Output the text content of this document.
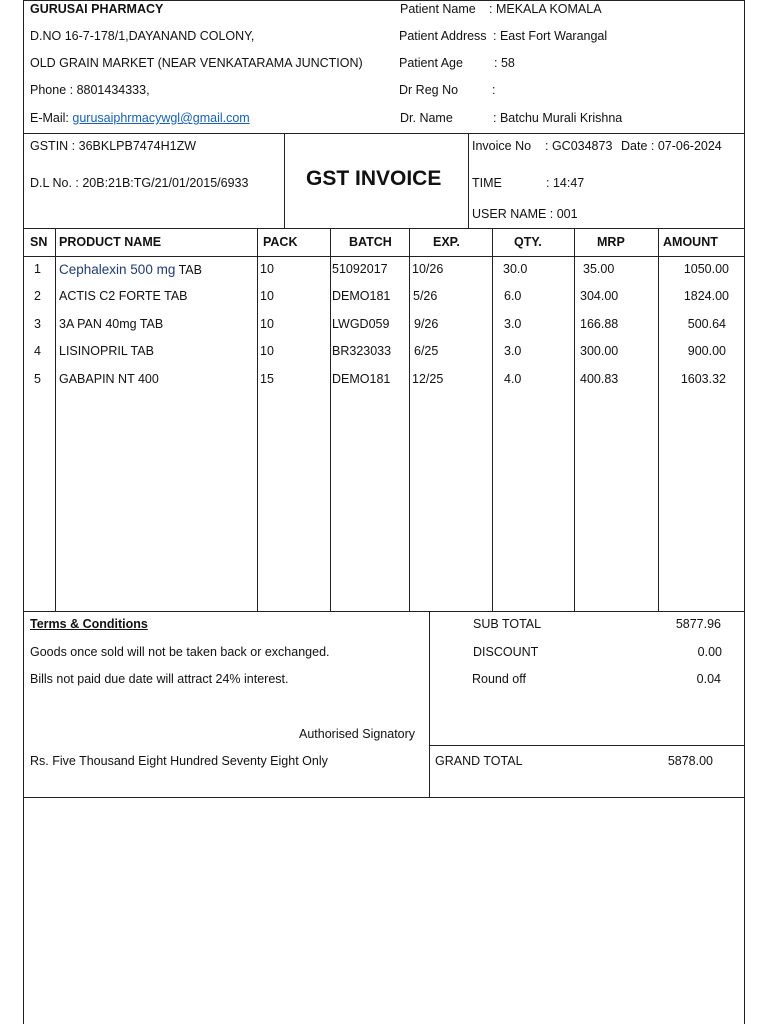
GURUSAI PHARMACY
D.NO 16-7-178/1,DAYANAND COLONY,
OLD GRAIN MARKET (NEAR VENKATARAMA JUNCTION)
Phone : 8801434333,
E-Mail: gurusaiphrmacywgl@gmail.com
Patient Name : MEKALA KOMALA
Patient Address : East Fort Warangal
Patient Age : 58
Dr Reg No	:
Dr. Name	: Batchu Murali Krishna
GSTIN : 36BKLPB7474H1ZW
D.L No. : 20B:21B:TG/21/01/2015/6933	GST INVOICE
Invoice No : GC034873 Date : 07-06-2024
TIME	: 14:47
USER NAME : 001
SN PRODUCT NAME	PACK	BATCH	EXP.	QTY.	MRP	AMOUNT
1 Cephalexin 500 mg TAB	10	51092017 10/26	30.0	35.00	1050.00
2 ACTIS C2 FORTE TAB	10	DEMO181 5/26	6.0	304.00	1824.00
3 3A PAN 40mg TAB	10	LWGD059 9/26	3.0	166.88	500.64
4 LISINOPRIL TAB	10	BR323033 6/25	3.0	300.00	900.00
5 GABAPIN NT 400	15	DEMO181 12/25	4.0	400.83	1603.32
Terms & Conditions
Goods once sold will not be taken back or exchanged.
Bills not paid due date will attract 24% interest.
Authorised Signatory
Rs. Five Thousand Eight Hundred Seventy Eight Only
SUB TOTAL	5877.96
DISCOUNT	0.00
Round off	0.04
GRAND TOTAL	5878.00
